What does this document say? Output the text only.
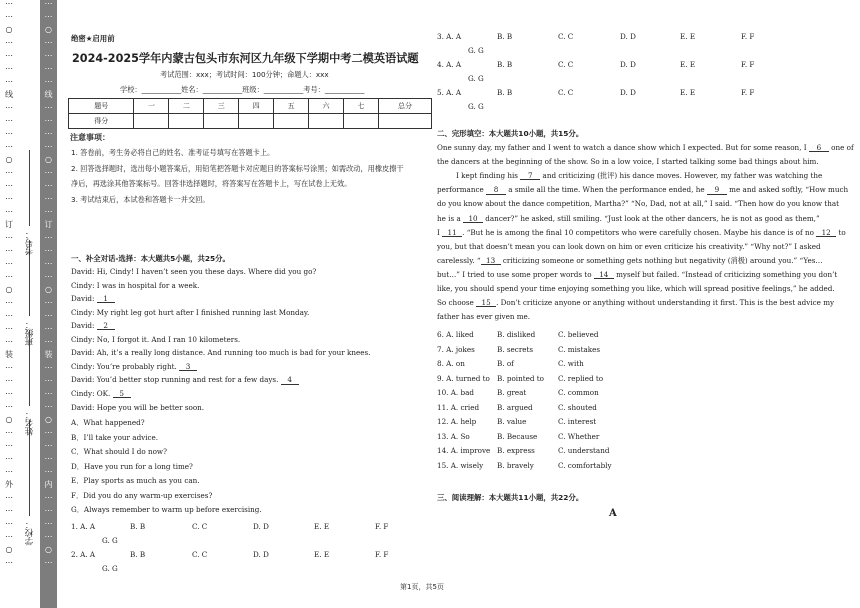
⋯
⋯
○
⋯
⋯
⋯
⋯
线
⋯
⋯
⋯
⋯
○
⋯
⋯
⋯
⋯
订
⋯
⋯
⋯
⋯
○
⋯
⋯
⋯
⋯
装
⋯
⋯
⋯
⋯
○
⋯
⋯
⋯
⋯
外
⋯
⋯
⋯
⋯
○
⋯
⋯
⋯
○
⋯
⋯
⋯
⋯
线
⋯
⋯
⋯
⋯
○
⋯
⋯
⋯
⋯
订
⋯
⋯
⋯
⋯
○
⋯
⋯
⋯
⋯
装
⋯
⋯
⋯
⋯
○
⋯
⋯
⋯
⋯
内
⋯
⋯
⋯
⋯
○
⋯
学校：
姓名：
班级：
考号：
绝密★启用前
2024-2025学年内蒙古包头市东河区九年级下学期中考二模英语试题
考试范围：xxx；考试时间：100分钟；命题人：xxx
学校：___________姓名：___________班级：___________考号：___________
题号	一	二	三	四	五	六	七	总分
得分								
注意事项：
1. 答卷前，考生务必将自己的姓名、准考证号填写在答题卡上。
2. 回答选择题时，选出每小题答案后，用铅笔把答题卡对应题目的答案标号涂黑；如需改动，用橡皮擦干
净后，再选涂其他答案标号。回答非选择题时，将答案写在答题卡上，写在试卷上无效。
3. 考试结束后，本试卷和答题卡一并交回。
一、补全对话-选择：本大题共5小题，共25分。
David: Hi, Cindy! I haven’t seen you these days. Where did you go?
Cindy: I was in hospital for a week.
David: 1
Cindy: My right leg got hurt after I finished running last Monday.
David: 2
Cindy: No, I forgot it. And I ran 10 kilometers.
David: Ah, it’s a really long distance. And running too much is bad for your knees.
Cindy: You’re probably right. 3
David: You’d better stop running and rest for a few days. 4
Cindy: OK. 5
David: Hope you will be better soon.
A．What happened?
B．I’ll take your advice.
C．What should I do now?
D．Have you run for a long time?
E．Play sports as much as you can.
F．Did you do any warm-up exercises?
G．Always remember to warm up before exercising.
1. A. A	B. B	C. C	D. D	E. E	F. F
G. G
2. A. A	B. B	C. C	D. D	E. E	F. F
G. G
3. A. A	B. B	C. C	D. D	E. E	F. F
G. G
4. A. A	B. B	C. C	D. D	E. E	F. F
G. G
5. A. A	B. B	C. C	D. D	E. E	F. F
G. G
二、完形填空：本大题共10小题，共15分。
One sunny day, my father and I went to watch a dance show which I expected. But for some reason, I 6 one of
the dancers at the beginning of the show. So in a low voice, I started talking some bad things about him.
I kept finding his 7 and criticizing (批评) his dance moves. However, my father was watching the
performance 8 a smile all the time. When the performance ended, he 9 me and asked softly, “How much
do you know about the dance competition, Martha?” “No, Dad, not at all,” I said. “Then how do you know that
he is a 10 dancer?” he asked, still smiling. “Just look at the other dancers, he is not as good as them,”
I 11 . “But he is among the final 10 competitors who were carefully chosen. Maybe his dance is of no 12 to
you, but that doesn’t mean you can look down on him or even criticize his creativity.” “Why not?” I asked
carelessly. “ 13 criticizing someone or something gets nothing but negativity (消极) around you.” “Yes…
but…” I tried to use some proper words to 14 myself but failed. “Instead of criticizing something you don’t
like, you should spend your time enjoying something you like, which will spread positive feelings,” he added.
So choose 15 . Don’t criticize anyone or anything without understanding it first. This is the best advice my
father has ever given me.
6. A. liked	B. disliked	C. believed
7. A. jokes	B. secrets	C. mistakes
8. A. on	B. of	C. with
9. A. turned to B. pointed to C. replied to
10. A. bad	B. great	C. common
11. A. cried B. argued	C. shouted
12. A. help	B. value	C. interest
13. A. So	B. Because	C. Whether
14. A. improve B. express	C. understand
15. A. wisely B. bravely	C. comfortably
三、阅读理解：本大题共11小题，共22分。
A
第1页，共5页
